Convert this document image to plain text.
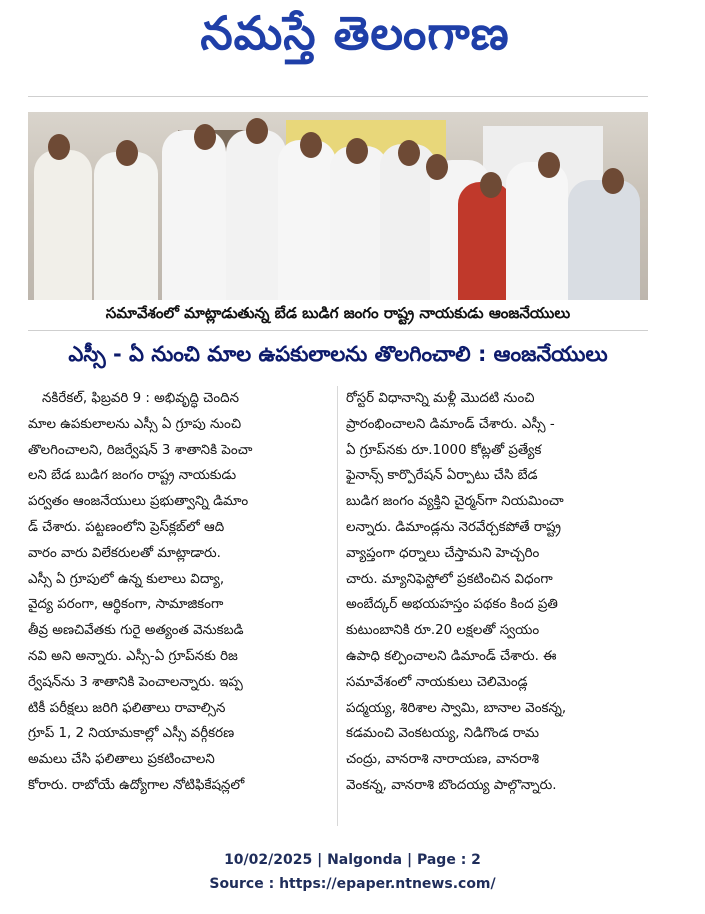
నమస్తే తెలంగాణ
సమావేశంలో మాట్లాడుతున్న బేడ బుడిగ జంగం రాష్ట్ర నాయకుడు ఆంజనేయులు
ఎస్సీ - ఏ నుంచి మాల ఉపకులాలను తొలగించాలి : ఆంజనేయులు
నకిరేకల్, ఫిబ్రవరి 9 : అభివృద్ధి చెందిన
మాల ఉపకులాలను ఎస్సీ ఏ గ్రూపు నుంచి
తొలగించాలని, రిజర్వేషన్ 3 శాతానికి పెంచా
లని బేడ బుడిగ జంగం రాష్ట్ర నాయకుడు
పర్వతం ఆంజనేయులు ప్రభుత్వాన్ని డిమాం
డ్ చేశారు. పట్టణంలోని ప్రెస్‌క్లబ్‌లో ఆది
వారం వారు విలేకరులతో మాట్లాడారు.
ఎస్సీ ఏ గ్రూపులో ఉన్న కులాలు విద్యా,
వైద్య పరంగా, ఆర్థికంగా, సామాజికంగా
తీవ్ర అణచివేతకు గురై అత్యంత వెనుకబడి
నవి అని అన్నారు. ఎస్సీ-ఏ గ్రూప్‌నకు రిజ
ర్వేషన్‌ను 3 శాతానికి పెంచాలన్నారు. ఇప్ప
టికీ పరీక్షలు జరిగి ఫలితాలు రావాల్సిన
గ్రూప్ 1, 2 నియామకాల్లో ఎస్సీ వర్గీకరణ
అమలు చేసి ఫలితాలు ప్రకటించాలని
కోరారు. రాబోయే ఉద్యోగాల నోటిఫికేషన్లలో
రోస్టర్ విధానాన్ని మళ్లీ మొదటి నుంచి
ప్రారంభించాలని డిమాండ్ చేశారు. ఎస్సీ -
ఏ గ్రూప్‌నకు రూ.1000 కోట్లతో ప్రత్యేక
ఫైనాన్స్ కార్పొరేషన్ ఏర్పాటు చేసి బేడ
బుడిగ జంగం వ్యక్తిని చైర్మన్‌గా నియమించా
లన్నారు. డిమాండ్లను నెరవేర్చకపోతే రాష్ట్ర
వ్యాప్తంగా ధర్నాలు చేస్తామని హెచ్చరిం
చారు. మ్యానిఫెస్టోలో ప్రకటించిన విధంగా
అంబేద్కర్ అభయహస్తం పథకం కింద ప్రతి
కుటుంబానికి రూ.20 లక్షలతో స్వయం
ఉపాధి కల్పించాలని డిమాండ్ చేశారు. ఈ
సమావేశంలో నాయకులు చెలిమెండ్ల
పద్మయ్య, శిరిశాల స్వామి, బానాల వెంకన్న,
కడమంచి వెంకటయ్య, నిడిగొండ రామ
చంద్రు, వానరాశి నారాయణ, వానరాశి
వెంకన్న, వానరాశి బొందయ్య పాల్గొన్నారు.
10/02/2025 | Nalgonda | Page : 2
Source : https://epaper.ntnews.com/
